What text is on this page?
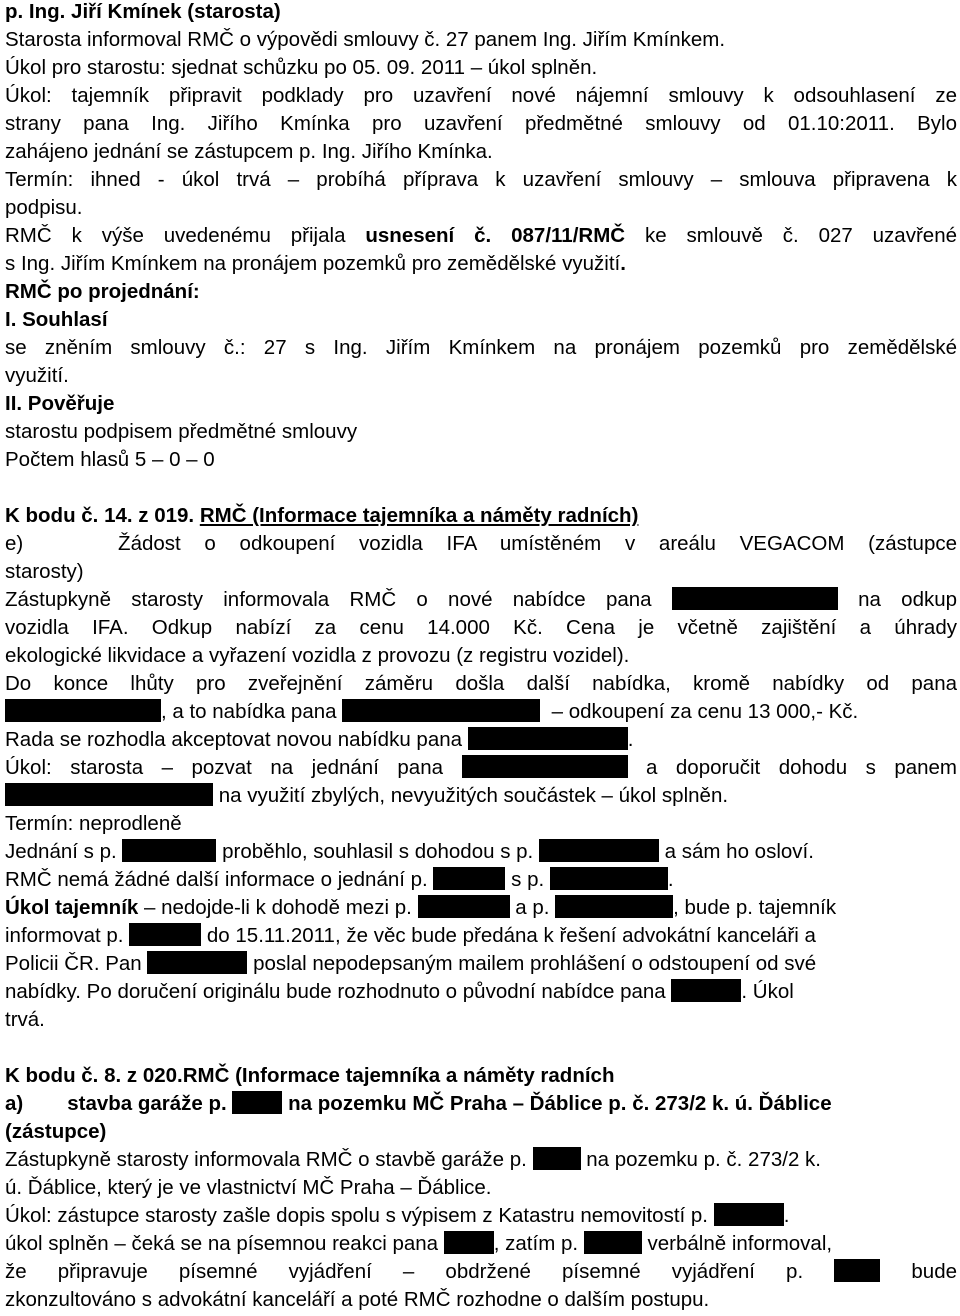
p. Ing. Jiří Kmínek (starosta)
Starosta informoval RMČ o výpovědi smlouvy č. 27 panem Ing. Jiřím Kmínkem.
Úkol pro starostu: sjednat schůzku po 05. 09. 2011 – úkol splněn.
Úkol: tajemník připravit podklady pro uzavření nové nájemní smlouvy k odsouhlasení ze
strany pana Ing. Jiřího Kmínka pro uzavření předmětné smlouvy od 01.10:2011. Bylo
zahájeno jednání se zástupcem p. Ing. Jiřího Kmínka.
Termín: ihned - úkol trvá – probíhá příprava k uzavření smlouvy – smlouva připravena k
podpisu.
RMČ k výše uvedenému přijala usnesení č. 087/11/RMČ ke smlouvě č. 027 uzavřené
s Ing. Jiřím Kmínkem na pronájem pozemků pro zemědělské využití.
RMČ po projednání:
I. Souhlasí
se zněním smlouvy č.: 27 s Ing. Jiřím Kmínkem na pronájem pozemků pro zemědělské
využití.
II. Pověřuje
starostu podpisem předmětné smlouvy
Počtem hlasů 5 – 0 – 0
K bodu č. 14. z 019. RMČ (Informace tajemníka a náměty radních)
e)    Žádost o odkoupení vozidla IFA umístěném v areálu VEGACOM (zástupce
starosty)
Zástupkyně starosty informovala RMČ o nové nabídce pana	na odkup
vozidla IFA. Odkup nabízí za cenu 14.000 Kč. Cena je včetně zajištění a úhrady
ekologické likvidace a vyřazení vozidla z provozu (z registru vozidel).
Do konce lhůty pro zveřejnění záměru došla další nabídka, kromě nabídky od pana
, a to nabídka pana	– odkoupení za cenu 13 000,- Kč.
Rada se rozhodla akceptovat novou nabídku pana	.
Úkol: starosta – pozvat na jednání pana	a doporučit dohodu s panem
na využití zbylých, nevyužitých součástek – úkol splněn.
Termín: neprodleně
Jednání s p.	proběhlo, souhlasil s dohodou s p.	a sám ho osloví.
RMČ nemá žádné další informace o jednání p.	s p.	.
Úkol tajemník – nedojde-li k dohodě mezi p.	a p.	, bude p. tajemník
informovat p.	do 15.11.2011, že věc bude předána k řešení advokátní kanceláři a
Policii ČR. Pan	poslal nepodepsaným mailem prohlášení o odstoupení od své
nabídky. Po doručení originálu bude rozhodnuto o původní nabídce pana	. Úkol
trvá.
K bodu č. 8. z 020.RMČ (Informace tajemníka a náměty radních
a) stavba garáže p.	na pozemku MČ Praha – Ďáblice p. č. 273/2 k. ú. Ďáblice
(zástupce)
Zástupkyně starosty informovala RMČ o stavbě garáže p.	na pozemku p. č. 273/2 k.
ú. Ďáblice, který je ve vlastnictví MČ Praha – Ďáblice.
Úkol: zástupce starosty zašle dopis spolu s výpisem z Katastru nemovitostí p.	.
úkol splněn – čeká se na písemnou reakci pana	, zatím p.	verbálně informoval,
že připravuje písemné vyjádření – obdržené písemné vyjádření p.	bude
zkonzultováno s advokátní kanceláří a poté RMČ rozhodne o dalším postupu.
